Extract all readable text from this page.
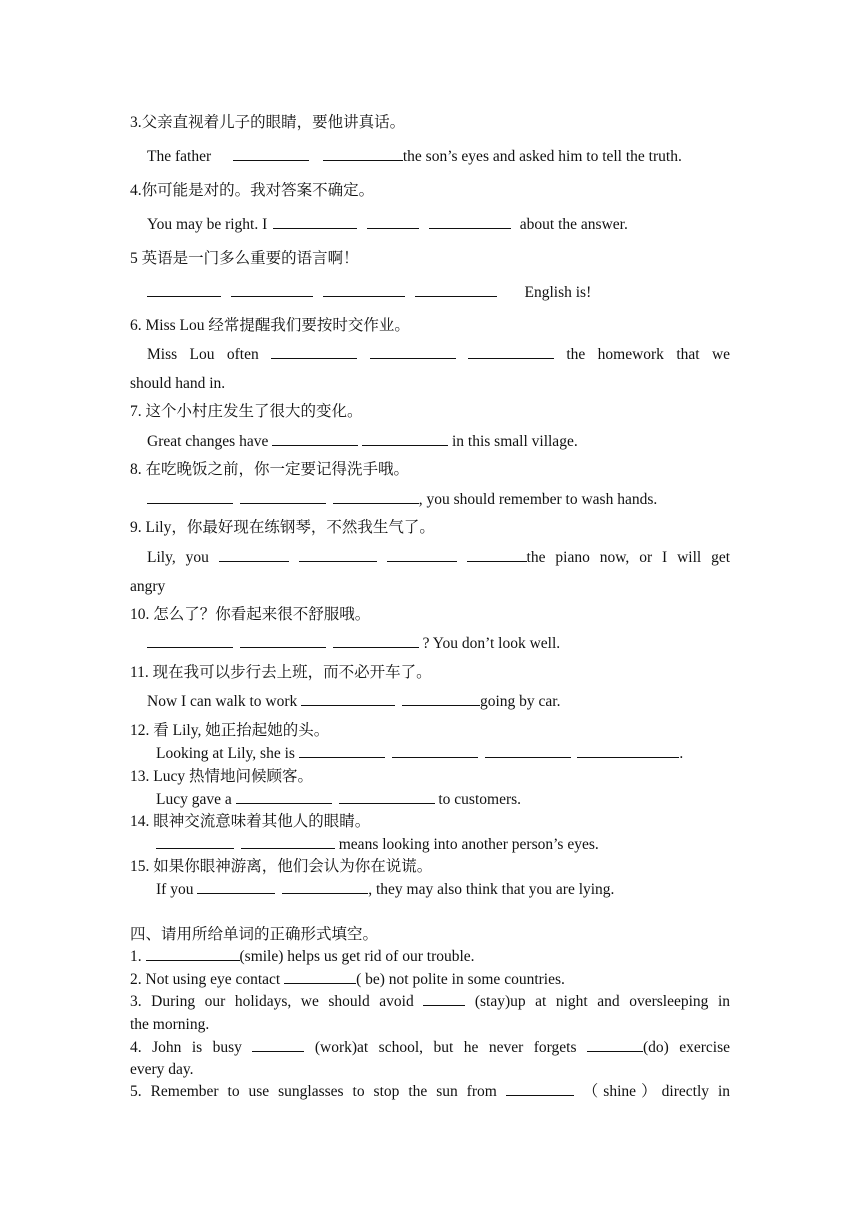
3.父亲直视着儿子的眼睛，要他讲真话。
The father	the son’s eyes and asked him to tell the truth.
4.你可能是对的。我对答案不确定。
You may be right. I	about the answer.
5 英语是一门多么重要的语言啊！
English is!
6. Miss Lou 经常提醒我们要按时交作业。
Miss Lou often	the homework that we
should hand in.
7. 这个小村庄发生了很大的变化。
Great changes have	in this small village.
8. 在吃晚饭之前，你一定要记得洗手哦。
, you should remember to wash hands.
9. Lily，你最好现在练钢琴，不然我生气了。
Lily, you	the piano now, or I will get
angry
10. 怎么了？你看起来很不舒服哦。
? You don’t look well.
11. 现在我可以步行去上班，而不必开车了。
Now I can walk to work	going by car.
12. 看 Lily, 她正抬起她的头。
Looking at Lily, she is	.
13. Lucy 热情地问候顾客。
Lucy gave a	to customers.
14. 眼神交流意味着其他人的眼睛。
means looking into another person’s eyes.
15. 如果你眼神游离，他们会认为你在说谎。
If you	, they may also think that you are lying.
四、请用所给单词的正确形式填空。
1.	(smile) helps us get rid of our trouble.
2. Not using eye contact	( be) not polite in some countries.
3. During our holidays, we should avoid	(stay)up at night and oversleeping in
the morning.
4. John is busy	(work)at school, but he never forgets	(do) exercise
every day.
5. Remember to use sunglasses to stop the sun from	（shine）directly in
